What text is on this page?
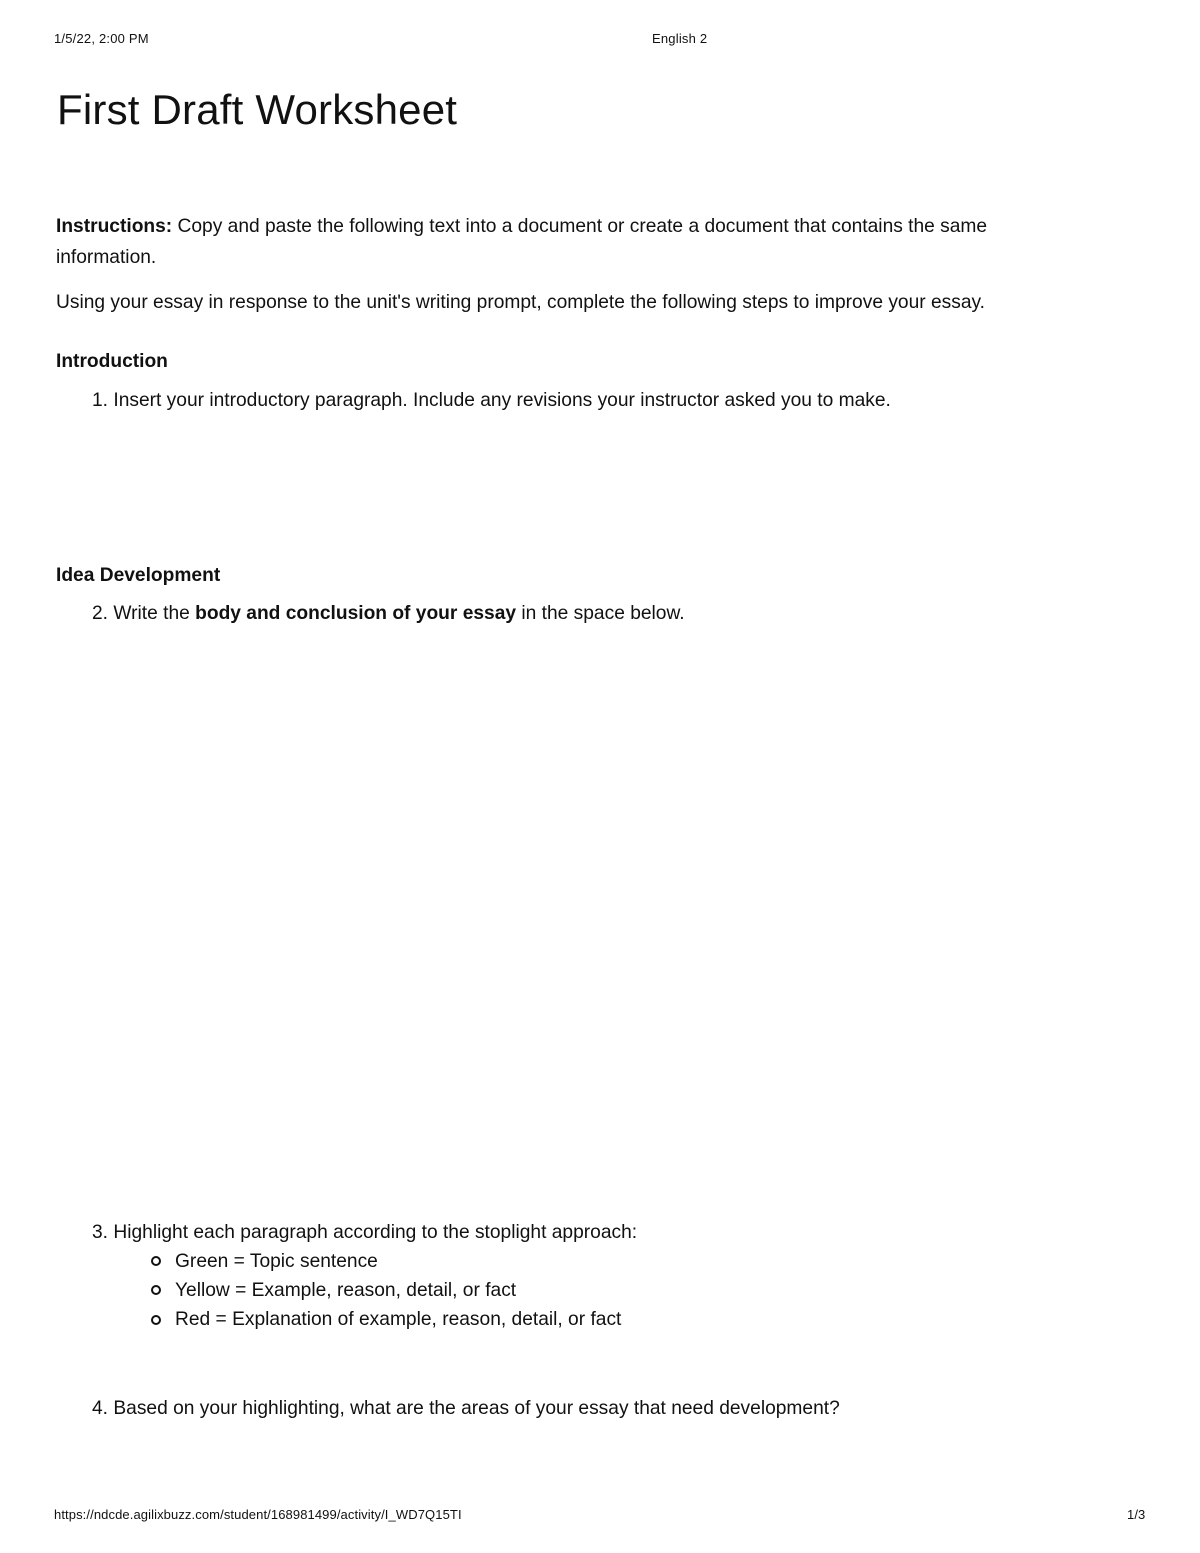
1/5/22, 2:00 PM	English 2
First Draft Worksheet
Instructions: Copy and paste the following text into a document or create a document that contains the same
information.
Using your essay in response to the unit's writing prompt, complete the following steps to improve your essay.
Introduction
1. Insert your introductory paragraph. Include any revisions your instructor asked you to make.
Idea Development
2. Write the body and conclusion of your essay in the space below.
3. Highlight each paragraph according to the stoplight approach:
Green = Topic sentence
Yellow = Example, reason, detail, or fact
Red = Explanation of example, reason, detail, or fact
4. Based on your highlighting, what are the areas of your essay that need development?
https://ndcde.agilixbuzz.com/student/168981499/activity/I_WD7Q15TI	1/3
